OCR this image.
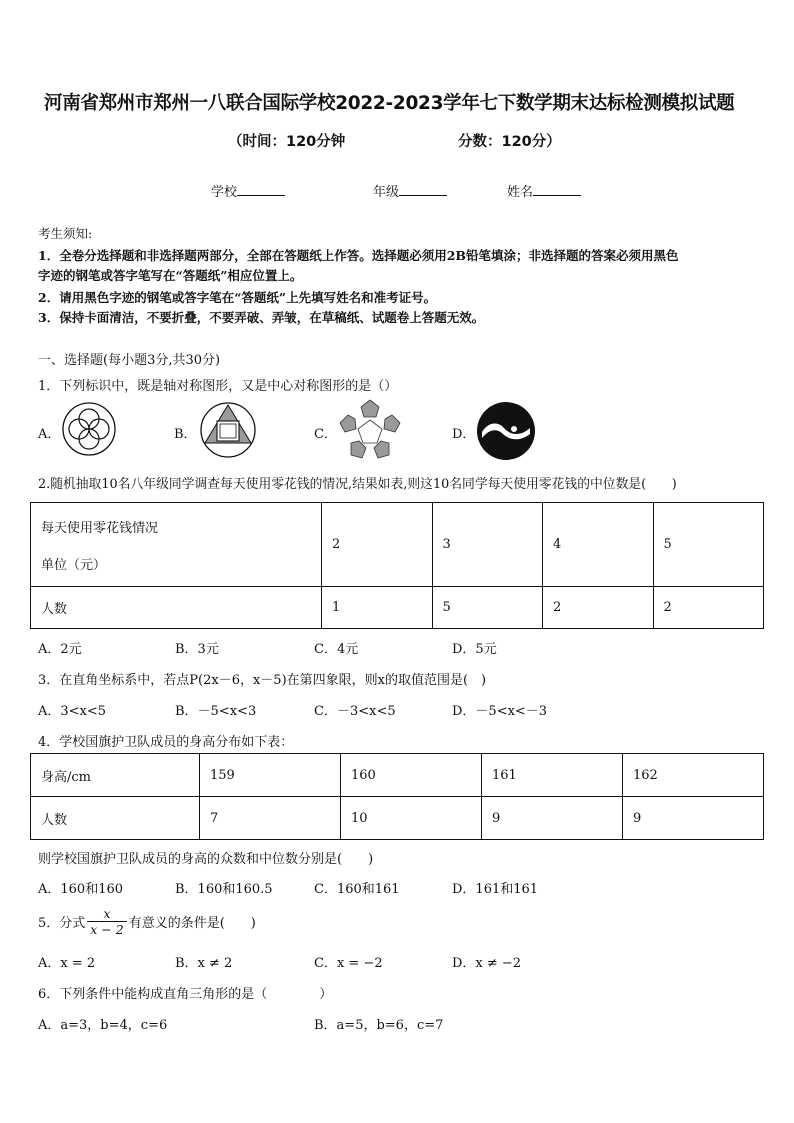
河南省郑州市郑州一八联合国际学校2022-2023学年七下数学期末达标检测模拟试题
（时间：120分钟	分数：120分）
学校	年级	姓名
考生须知:
1．全卷分选择题和非选择题两部分，全部在答题纸上作答。选择题必须用2B铅笔填涂；非选择题的答案必须用黑色
字迹的钢笔或答字笔写在“答题纸”相应位置上。
2．请用黑色字迹的钢笔或答字笔在“答题纸”上先填写姓名和准考证号。
3．保持卡面清洁，不要折叠，不要弄破、弄皱，在草稿纸、试题卷上答题无效。
一、选择题(每小题3分,共30分)
1．下列标识中，既是轴对称图形，又是中心对称图形的是（）
A．	B．	C．	D．
2.随机抽取10名八年级同学调查每天使用零花钱的情况,结果如表,则这10名同学每天使用零花钱的中位数是(　　)
每天使用零花钱情况
单位（元）	2	3	4	5
人数	1	5	2	2
A．2元	B．3元	C．4元	D．5元
3．在直角坐标系中，若点P(2x－6，x－5)在第四象限，则x的取值范围是(　)
A．3<x<5	B．－5<x<3	C．－3<x<5	D．－5<x<－3
4．学校国旗护卫队成员的身高分布如下表：
身高/cm	159	160	161	162
人数	7	10	9	9
则学校国旗护卫队成员的身高的众数和中位数分别是(　　)
A．160和160	B．160和160.5	C．160和161	D．161和161
5．分式 $\frac{x}{x - 2}$ 有意义的条件是(　　)
A．x = 2	B．x ≠ 2	C．x = −2	D．x ≠ −2
6．下列条件中能构成直角三角形的是（　　　　）
A．a=3，b=4，c=6	B．a=5，b=6，c=7
